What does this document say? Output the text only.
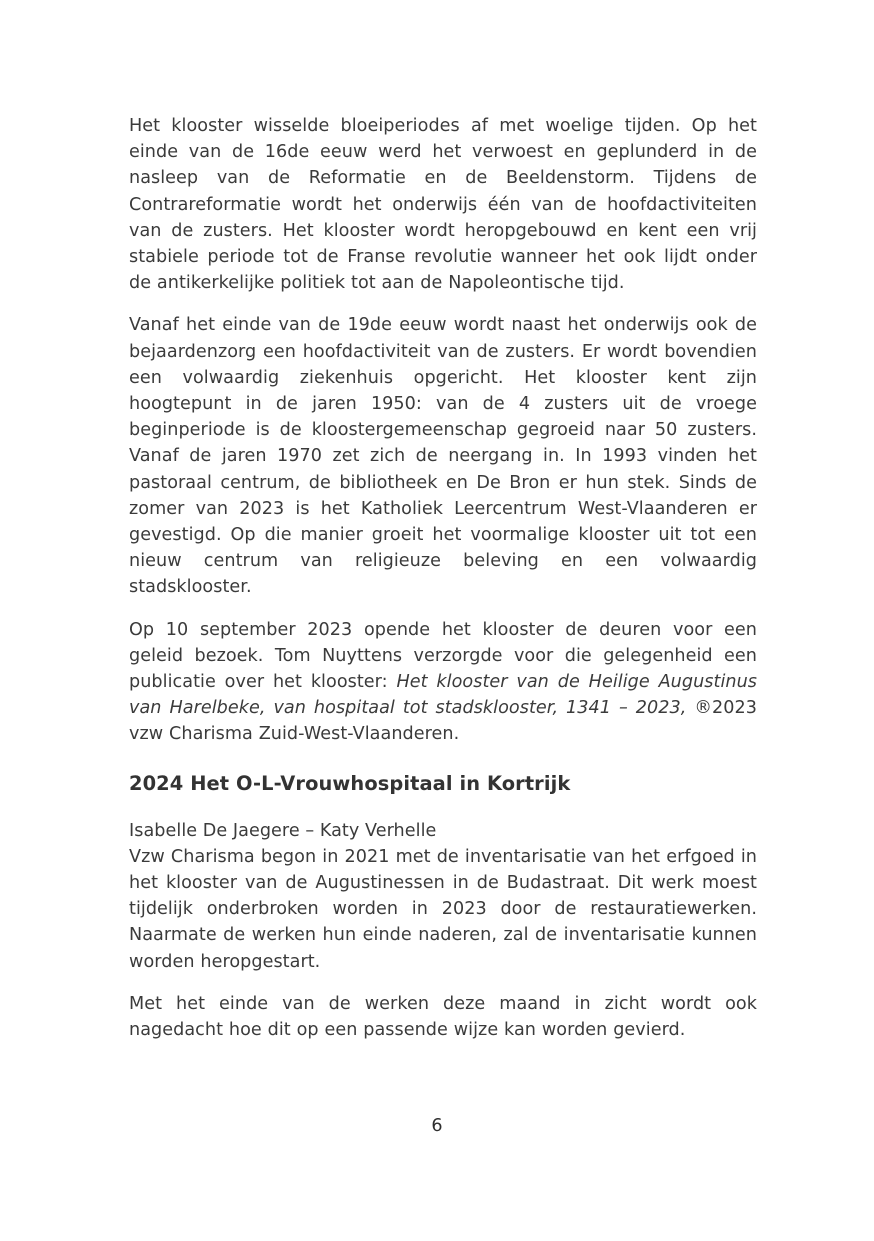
Het klooster wisselde bloeiperiodes af met woelige tijden. Op het einde van de 16de eeuw werd het verwoest en geplunderd in de nasleep van de Reformatie en de Beeldenstorm. Tijdens de Contrareformatie wordt het onderwijs één van de hoofdactiviteiten van de zusters. Het klooster wordt heropgebouwd en kent een vrij stabiele periode tot de Franse revolutie wanneer het ook lijdt onder de antikerkelijke politiek tot aan de Napoleontische tijd.

Vanaf het einde van de 19de eeuw wordt naast het onderwijs ook de bejaardenzorg een hoofdactiviteit van de zusters. Er wordt bovendien een volwaardig ziekenhuis opgericht. Het klooster kent zijn hoogtepunt in de jaren 1950: van de 4 zusters uit de vroege beginperiode is de kloostergemeenschap gegroeid naar 50 zusters. Vanaf de jaren 1970 zet zich de neergang in. In 1993 vinden het pastoraal centrum, de bibliotheek en De Bron er hun stek. Sinds de zomer van 2023 is het Katholiek Leercentrum West-Vlaanderen er gevestigd. Op die manier groeit het voormalige klooster uit tot een nieuw centrum van religieuze beleving en een volwaardig stadsklooster.

Op 10 september 2023 opende het klooster de deuren voor een geleid bezoek. Tom Nuyttens verzorgde voor die gelegenheid een publicatie over het klooster: Het klooster van de Heilige Augustinus van Harelbeke, van hospitaal tot stadsklooster, 1341 – 2023, ®2023 vzw Charisma Zuid-West-Vlaanderen.

2024 Het O-L-Vrouwhospitaal in Kortrijk

Isabelle De Jaegere – Katy Verhelle

Vzw Charisma begon in 2021 met de inventarisatie van het erfgoed in het klooster van de Augustinessen in de Budastraat. Dit werk moest tijdelijk onderbroken worden in 2023 door de restauratiewerken. Naarmate de werken hun einde naderen, zal de inventarisatie kunnen worden heropgestart.

Met het einde van de werken deze maand in zicht wordt ook nagedacht hoe dit op een passende wijze kan worden gevierd.

6
